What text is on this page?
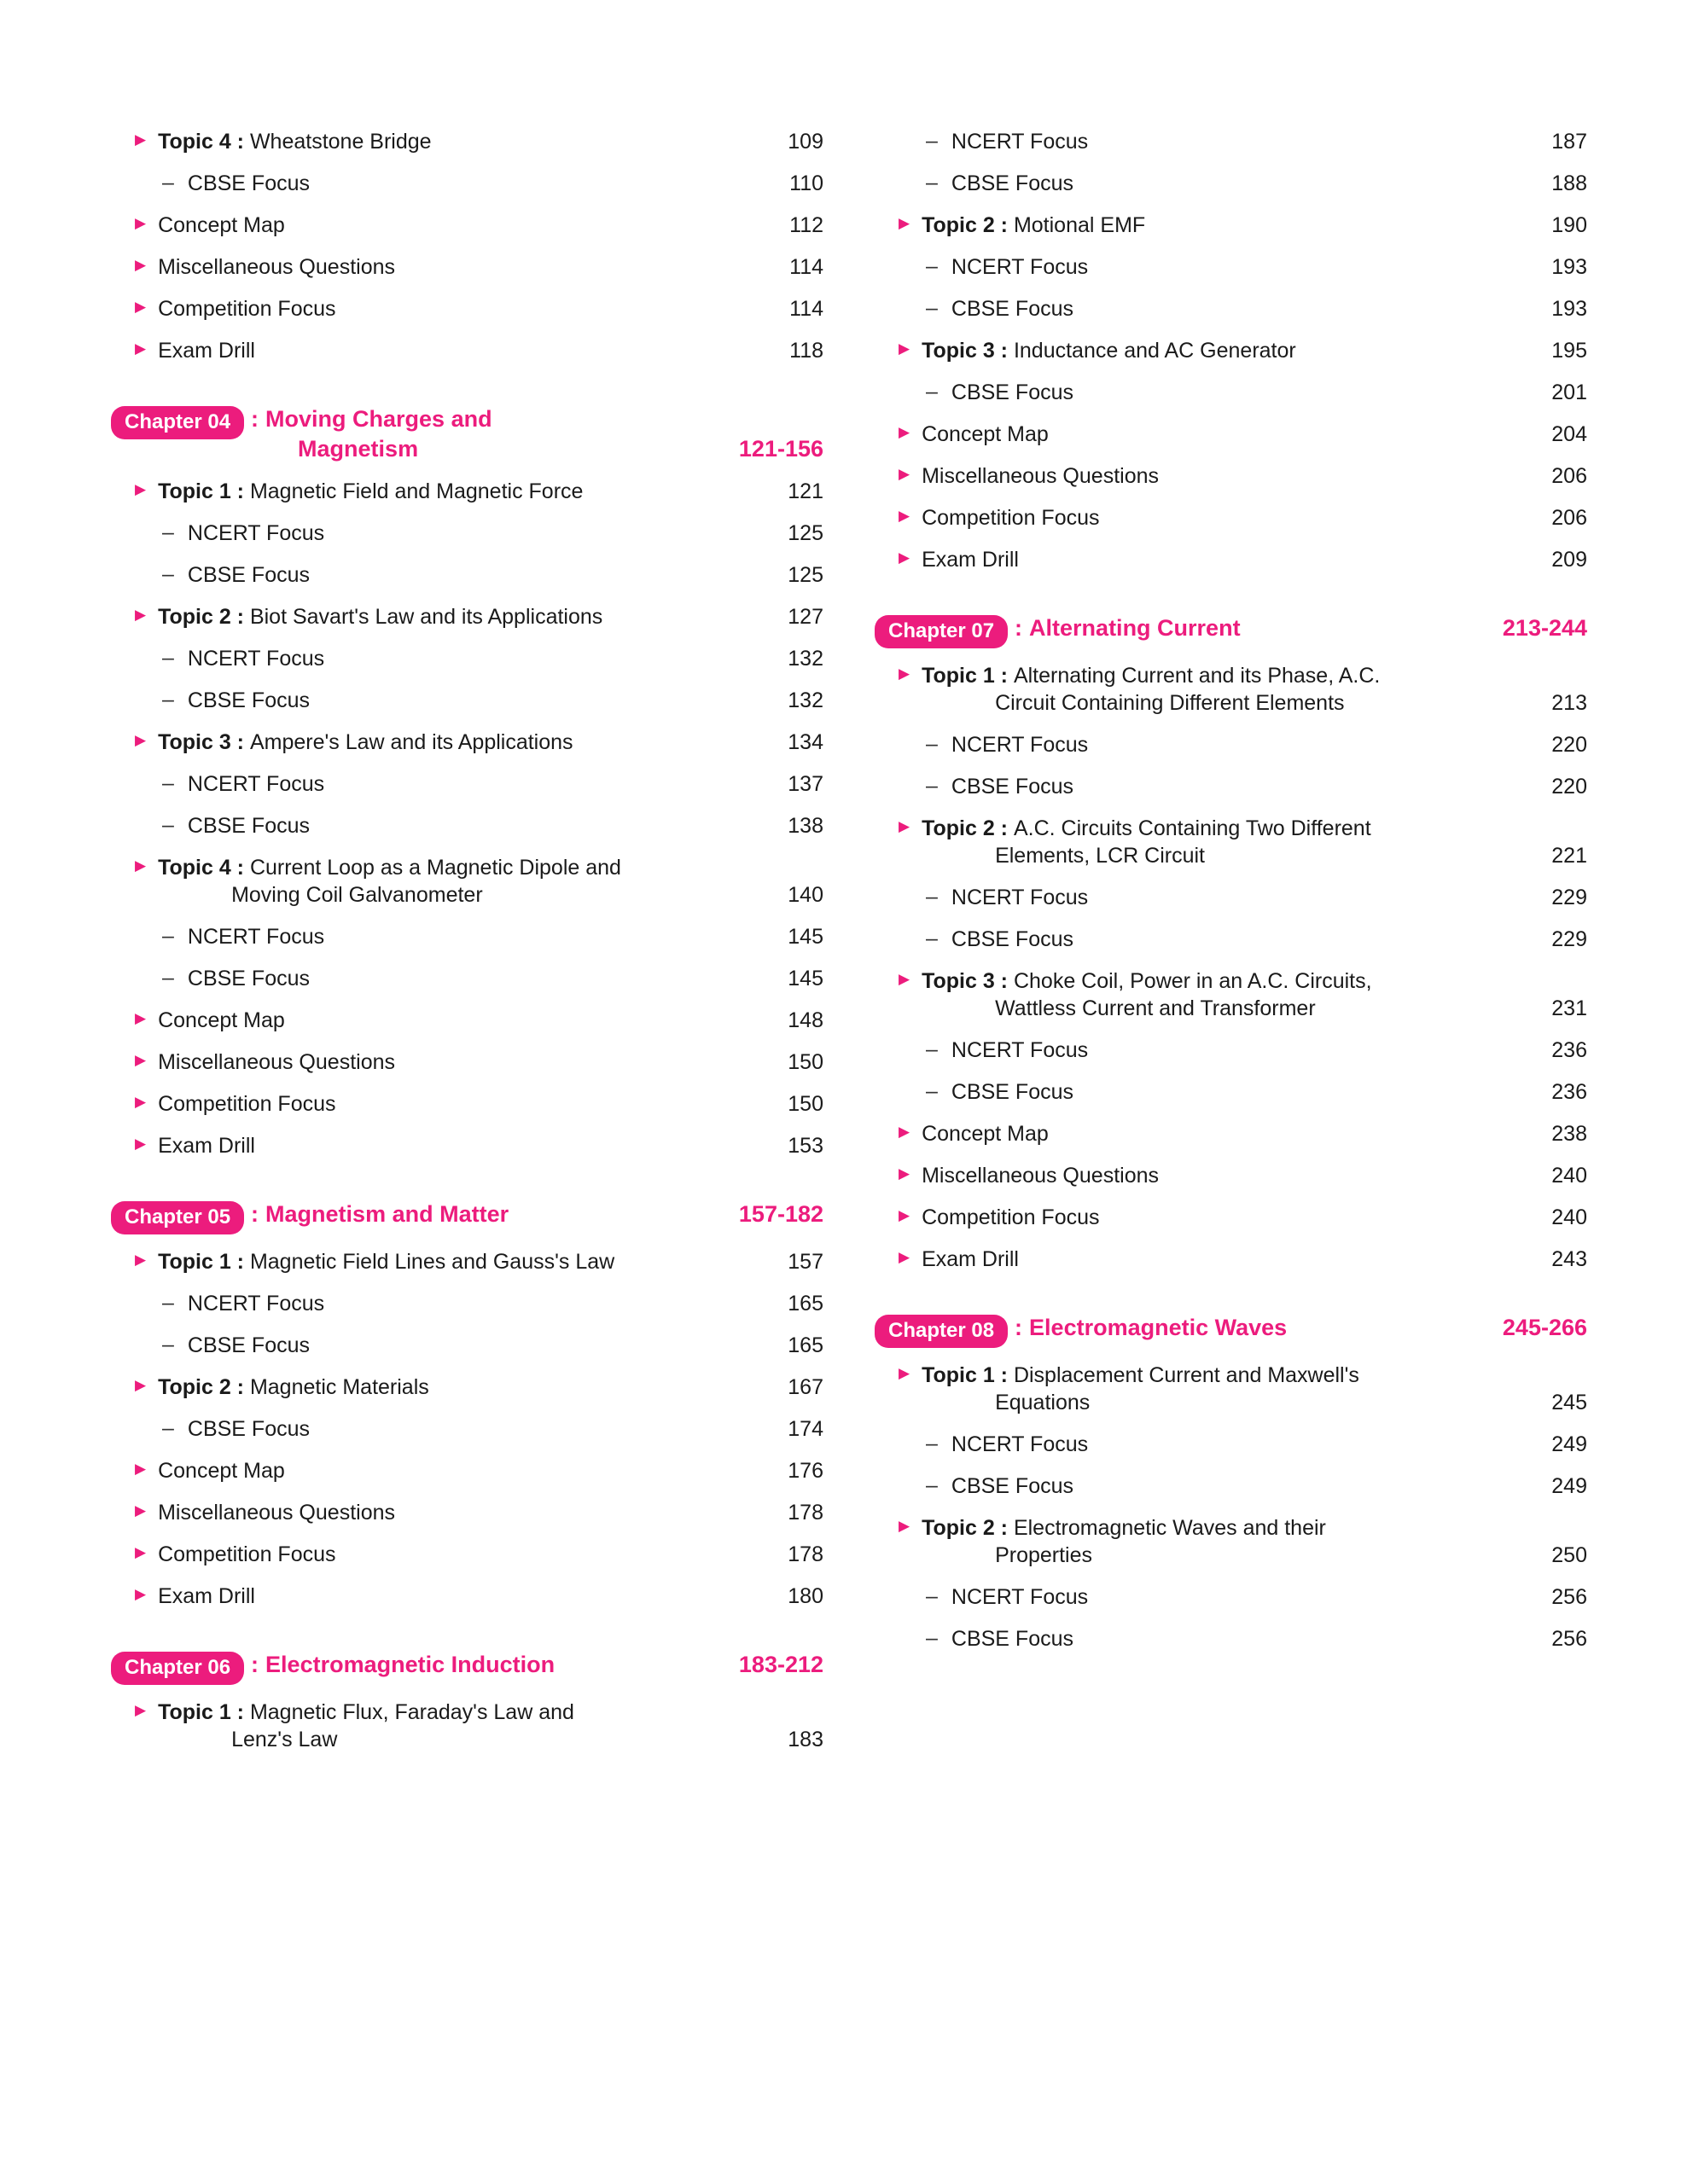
▶ Topic 4 : Wheatstone Bridge	109
– CBSE Focus	110
▶ Concept Map	112
▶ Miscellaneous Questions	114
▶ Competition Focus	114
▶ Exam Drill	118
Chapter 04 : Moving Charges and
Magnetism	121-156
▶ Topic 1 : Magnetic Field and Magnetic Force	121
– NCERT Focus	125
– CBSE Focus	125
▶ Topic 2 : Biot Savart's Law and its Applications	127
– NCERT Focus	132
– CBSE Focus	132
▶ Topic 3 : Ampere's Law and its Applications	134
– NCERT Focus	137
– CBSE Focus	138
▶ Topic 4 : Current Loop as a Magnetic Dipole and
Moving Coil Galvanometer	140
– NCERT Focus	145
– CBSE Focus	145
▶ Concept Map	148
▶ Miscellaneous Questions	150
▶ Competition Focus	150
▶ Exam Drill	153
Chapter 05 : Magnetism and Matter	157-182
▶ Topic 1 : Magnetic Field Lines and Gauss's Law	157
– NCERT Focus	165
– CBSE Focus	165
▶ Topic 2 : Magnetic Materials	167
– CBSE Focus	174
▶ Concept Map	176
▶ Miscellaneous Questions	178
▶ Competition Focus	178
▶ Exam Drill	180
Chapter 06 : Electromagnetic Induction	183-212
▶ Topic 1 : Magnetic Flux, Faraday's Law and
Lenz's Law	183
– NCERT Focus	187
– CBSE Focus	188
▶ Topic 2 : Motional EMF	190
– NCERT Focus	193
– CBSE Focus	193
▶ Topic 3 : Inductance and AC Generator	195
– CBSE Focus	201
▶ Concept Map	204
▶ Miscellaneous Questions	206
▶ Competition Focus	206
▶ Exam Drill	209
Chapter 07 : Alternating Current	213-244
▶ Topic 1 : Alternating Current and its Phase, A.C.
Circuit Containing Different Elements	213
– NCERT Focus	220
– CBSE Focus	220
▶ Topic 2 : A.C. Circuits Containing Two Different
Elements, LCR Circuit	221
– NCERT Focus	229
– CBSE Focus	229
▶ Topic 3 : Choke Coil, Power in an A.C. Circuits,
Wattless Current and Transformer	231
– NCERT Focus	236
– CBSE Focus	236
▶ Concept Map	238
▶ Miscellaneous Questions	240
▶ Competition Focus	240
▶ Exam Drill	243
Chapter 08 : Electromagnetic Waves	245-266
▶ Topic 1 : Displacement Current and Maxwell's
Equations	245
– NCERT Focus	249
– CBSE Focus	249
▶ Topic 2 : Electromagnetic Waves and their
Properties	250
– NCERT Focus	256
– CBSE Focus	256
